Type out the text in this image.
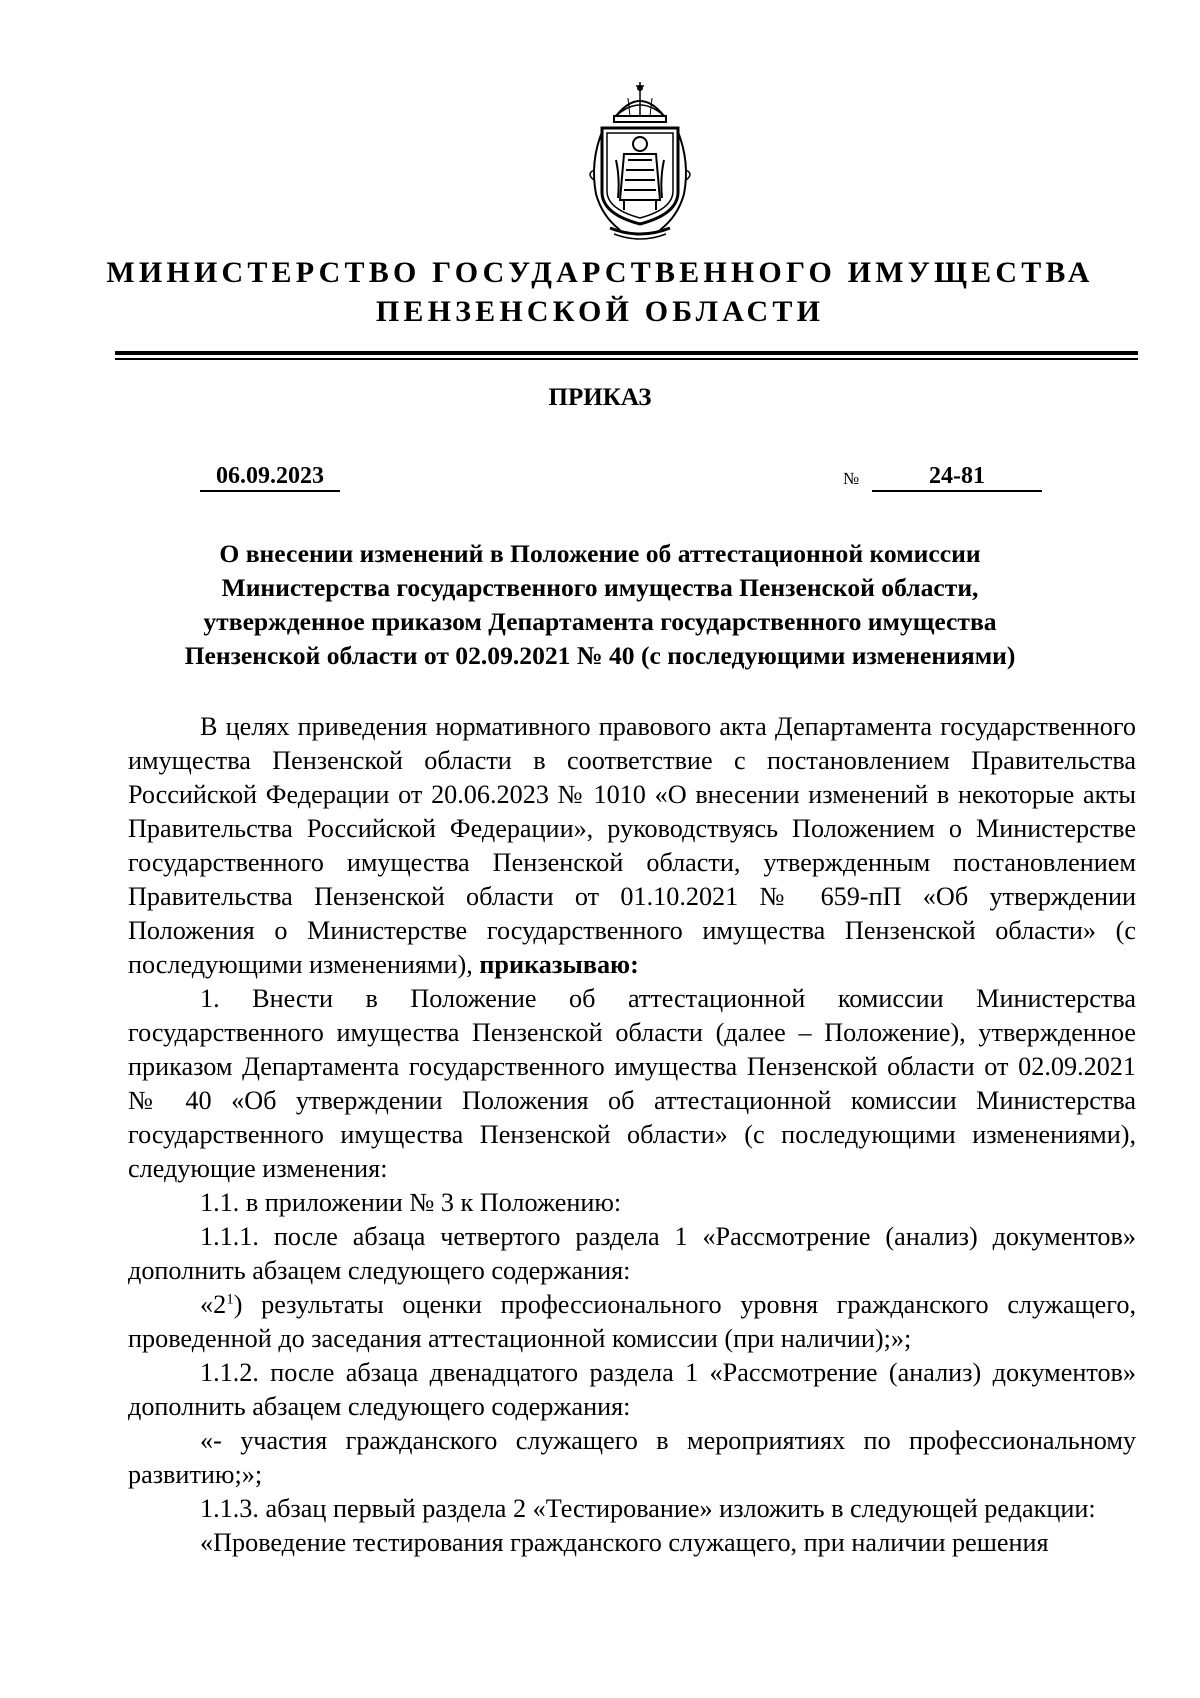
МИНИСТЕРСТВО ГОСУДАРСТВЕННОГО ИМУЩЕСТВА
ПЕНЗЕНСКОЙ ОБЛАСТИ
ПРИКАЗ
06.09.2023	№	24-81
О внесении изменений в Положение об аттестационной комиссии
Министерства государственного имущества Пензенской области,
утвержденное приказом Департамента государственного имущества
Пензенской области от 02.09.2021 № 40 (с последующими изменениями)

В целях приведения нормативного правового акта Департамента государственного имущества Пензенской области в соответствие с постановлением Правительства Российской Федерации от 20.06.2023 № 1010 «О внесении изменений в некоторые акты Правительства Российской Федерации», руководствуясь Положением о Министерстве государственного имущества Пензенской области, утвержденным постановлением Правительства Пензенской области от 01.10.2021 № 659-пП «Об утверждении Положения о Министерстве государственного имущества Пензенской области» (с последующими изменениями), приказываю:

1. Внести в Положение об аттестационной комиссии Министерства государственного имущества Пензенской области (далее – Положение), утвержденное приказом Департамента государственного имущества Пензенской области от 02.09.2021 № 40 «Об утверждении Положения об аттестационной комиссии Министерства государственного имущества Пензенской области» (с последующими изменениями), следующие изменения:

1.1. в приложении № 3 к Положению:

1.1.1. после абзаца четвертого раздела 1 «Рассмотрение (анализ) документов» дополнить абзацем следующего содержания:

«$2^1$) результаты оценки профессионального уровня гражданского служащего, проведенной до заседания аттестационной комиссии (при наличии);»;

1.1.2. после абзаца двенадцатого раздела 1 «Рассмотрение (анализ) документов» дополнить абзацем следующего содержания:

«- участия гражданского служащего в мероприятиях по профессиональному развитию;»;

1.1.3. абзац первый раздела 2 «Тестирование» изложить в следующей редакции:

«Проведение тестирования гражданского служащего, при наличии решения
